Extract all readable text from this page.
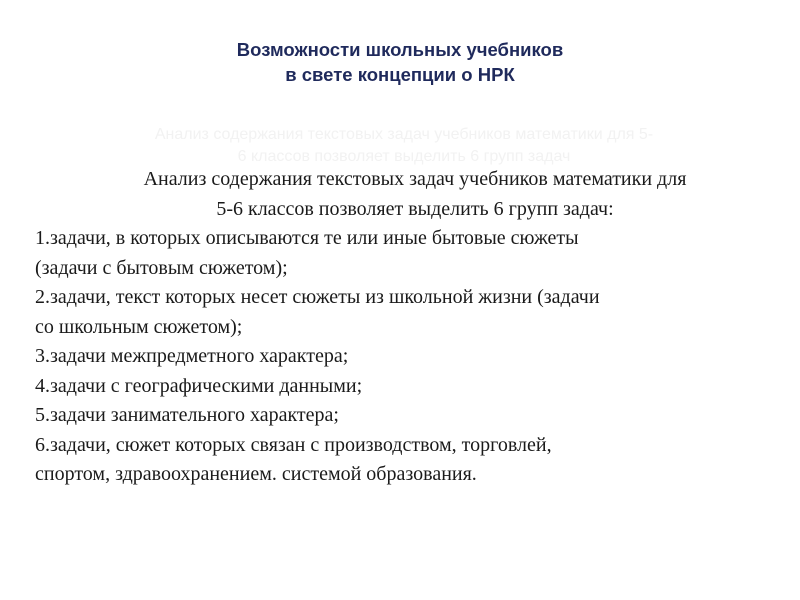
Возможности школьных учебников
в свете концепции о НРК
Анализ содержания текстовых задач учебников математики для 5-
6 классов позволяет выделить 6 групп задач
Анализ содержания текстовых задач учебников математики для
5-6 классов позволяет выделить 6 групп задач:
1.задачи, в которых описываются те или иные бытовые сюжеты
(задачи с бытовым сюжетом);
2.задачи, текст которых несет сюжеты из школьной жизни (задачи
со школьным сюжетом);
3.задачи межпредметного характера;
4.задачи с географическими данными;
5.задачи занимательного характера;
6.задачи, сюжет которых связан с производством, торговлей,
спортом, здравоохранением. системой образования.
